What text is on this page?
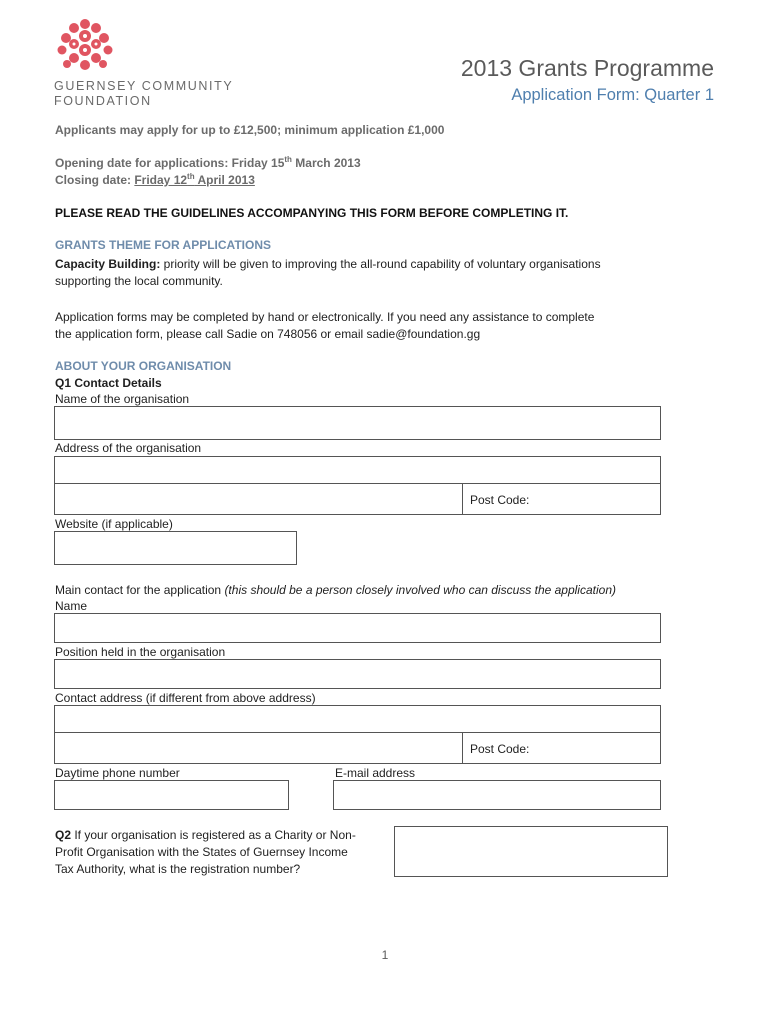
GUERNSEY COMMUNITY
FOUNDATION
2013 Grants Programme
Application Form: Quarter 1
Applicants may apply for up to £12,500; minimum application £1,000
Opening date for applications: Friday 15th March 2013
Closing date: Friday 12th April 2013
PLEASE READ THE GUIDELINES ACCOMPANYING THIS FORM BEFORE COMPLETING IT.
GRANTS THEME FOR APPLICATIONS
Capacity Building: priority will be given to improving the all-round capability of voluntary organisations
supporting the local community.
Application forms may be completed by hand or electronically. If you need any assistance to complete
the application form, please call Sadie on 748056 or email sadie@foundation.gg
ABOUT YOUR ORGANISATION
Q1 Contact Details
Name of the organisation
Address of the organisation
Post Code:
Website (if applicable)
Main contact for the application (this should be a person closely involved who can discuss the application)
Name
Position held in the organisation
Contact address (if different from above address)
Post Code:
Daytime phone number	E-mail address
Q2 If your organisation is registered as a Charity or Non-
Profit Organisation with the States of Guernsey Income
Tax Authority, what is the registration number?
1
